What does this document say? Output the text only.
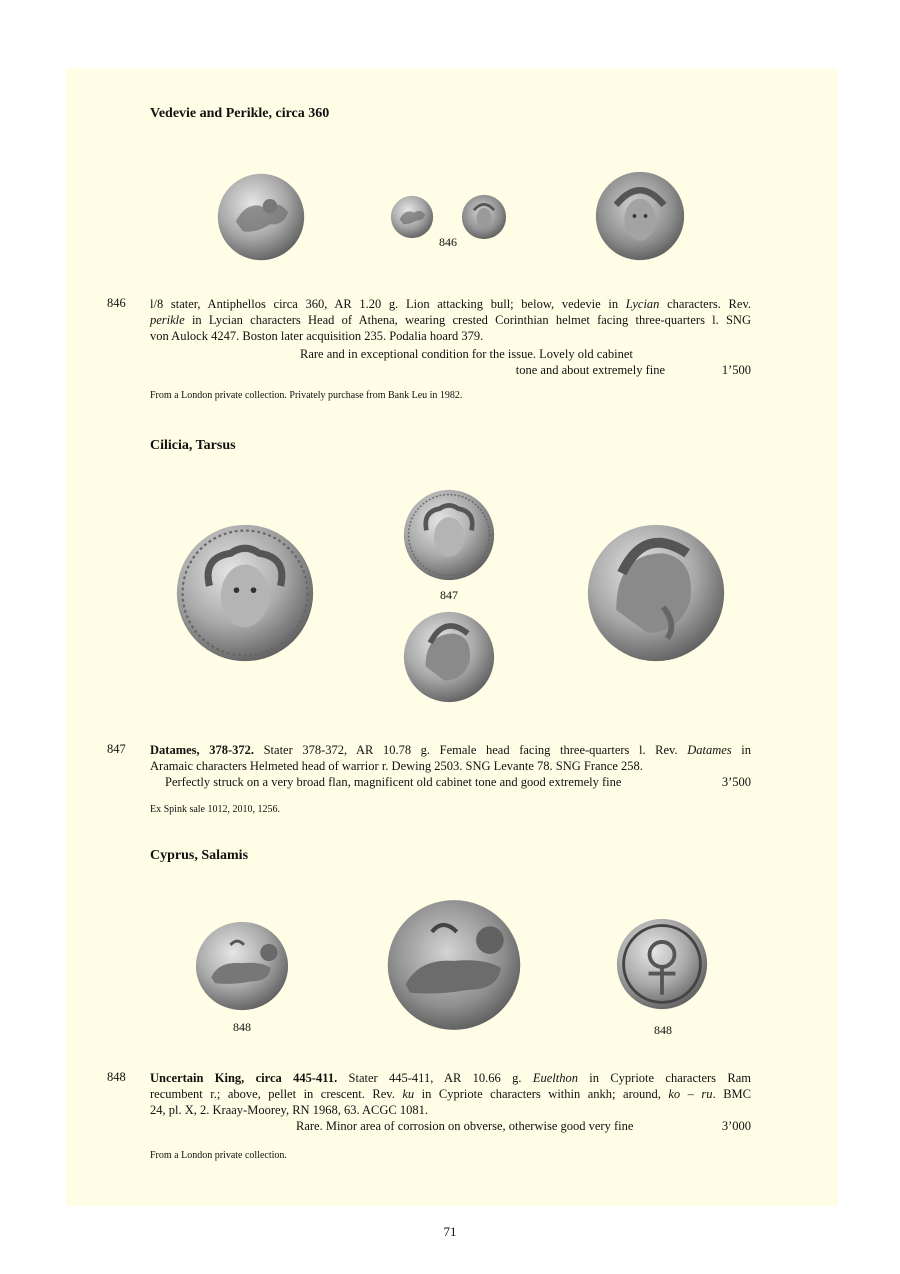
Vedevie and Perikle, circa 360
846
846 l/8 stater, Antiphellos circa 360, AR 1.20 g. Lion attacking bull; below, vedevie in Lycian characters. Rev.
perikle in Lycian characters Head of Athena, wearing crested Corinthian helmet facing three-quarters l. SNG
von Aulock 4247. Boston later acquisition 235. Podalia hoard 379.
Rare and in exceptional condition for the issue. Lovely old cabinet
tone and about extremely fine	1’500
From a London private collection. Privately purchase from Bank Leu in 1982.
Cilicia, Tarsus
847
847 Datames, 378-372. Stater 378-372, AR 10.78 g. Female head facing three-quarters l. Rev. Datames in
Aramaic characters Helmeted head of warrior r. Dewing 2503. SNG Levante 78. SNG France 258.
Perfectly struck on a very broad flan, magnificent old cabinet tone and good extremely fine	3’500
Ex Spink sale 1012, 2010, 1256.
Cyprus, Salamis
848	848
848 Uncertain King, circa 445-411. Stater 445-411, AR 10.66 g. Euelthon in Cypriote characters Ram
recumbent r.; above, pellet in crescent. Rev. ku in Cypriote characters within ankh; around, ko – ru. BMC
24, pl. X, 2. Kraay-Moorey, RN 1968, 63. ACGC 1081.
Rare. Minor area of corrosion on obverse, otherwise good very fine	3’000
From a London private collection.
71
